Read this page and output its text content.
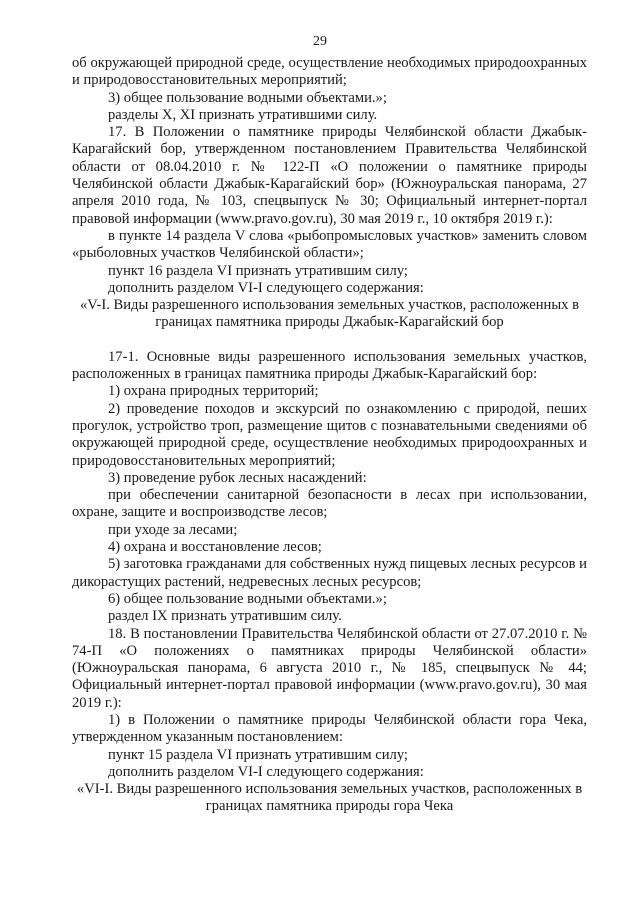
29

об окружающей природной среде, осуществление необходимых природоохранных и природовосстановительных мероприятий;

3) общее пользование водными объектами.»;

разделы X, XI признать утратившими силу.

17. В Положении о памятнике природы Челябинской области Джабык-Карагайский бор, утвержденном постановлением Правительства Челябинской области от 08.04.2010 г. № 122-П «О положении о памятнике природы Челябинской области Джабык-Карагайский бор» (Южноуральская панорама, 27 апреля 2010 года, № 103, спецвыпуск № 30; Официальный интернет-портал правовой информации (www.pravo.gov.ru), 30 мая 2019 г., 10 октября 2019 г.):

в пункте 14 раздела V слова «рыбопромысловых участков» заменить словом «рыболовных участков Челябинской области»;

пункт 16 раздела VI признать утратившим силу;

дополнить разделом VI-I следующего содержания:

«V-I. Виды разрешенного использования земельных участков, расположенных в границах памятника природы Джабык-Карагайский бор

17-1. Основные виды разрешенного использования земельных участков, расположенных в границах памятника природы Джабык-Карагайский бор:

1) охрана природных территорий;

2) проведение походов и экскурсий по ознакомлению с природой, пеших прогулок, устройство троп, размещение щитов с познавательными сведениями об окружающей природной среде, осуществление необходимых природоохранных и природовосстановительных мероприятий;

3) проведение рубок лесных насаждений:

при обеспечении санитарной безопасности в лесах при использовании, охране, защите и воспроизводстве лесов;

при уходе за лесами;

4) охрана и восстановление лесов;

5) заготовка гражданами для собственных нужд пищевых лесных ресурсов и дикорастущих растений, недревесных лесных ресурсов;

6) общее пользование водными объектами.»;

раздел IX признать утратившим силу.

18. В постановлении Правительства Челябинской области от 27.07.2010 г. № 74-П «О положениях о памятниках природы Челябинской области» (Южноуральская панорама, 6 августа 2010 г., № 185, спецвыпуск № 44; Официальный интернет-портал правовой информации (www.pravo.gov.ru), 30 мая 2019 г.):

1) в Положении о памятнике природы Челябинской области гора Чека, утвержденном указанным постановлением:

пункт 15 раздела VI признать утратившим силу;

дополнить разделом VI-I следующего содержания:

«VI-I. Виды разрешенного использования земельных участков, расположенных в границах памятника природы гора Чека
